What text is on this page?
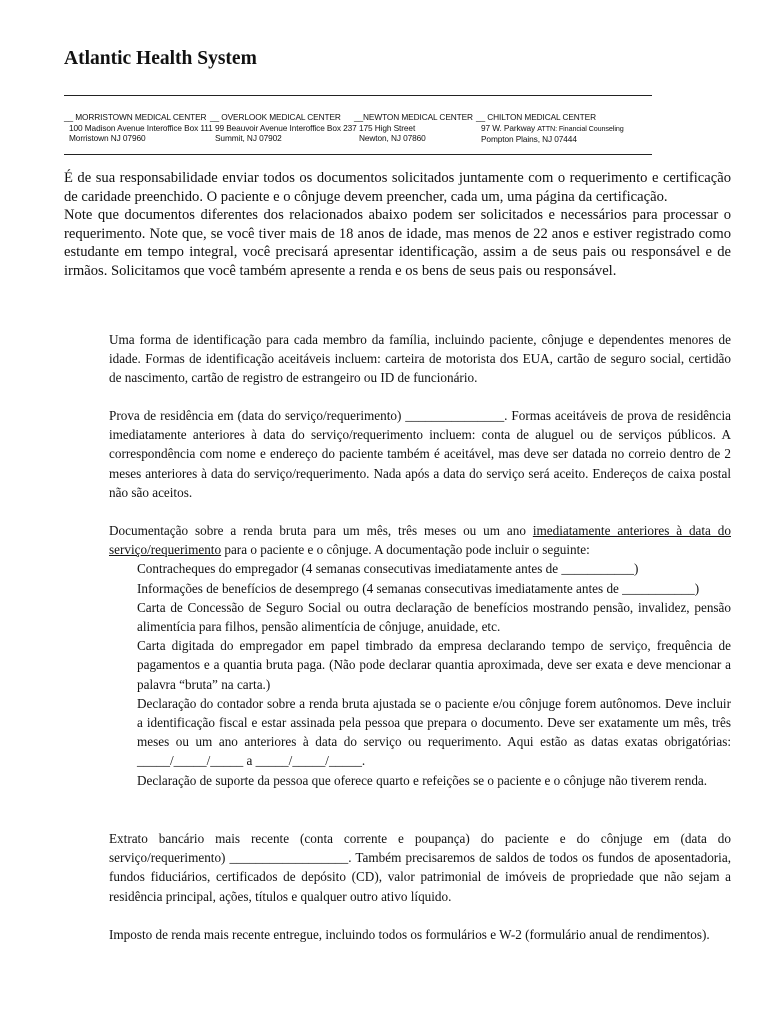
Atlantic Health System
__ MORRISTOWN MEDICAL CENTER
100 Madison Avenue Interoffice Box 111
Morristown NJ 07960
__ OVERLOOK MEDICAL CENTER
99 Beauvoir Avenue Interoffice Box 237
Summit, NJ 07902
__NEWTON MEDICAL CENTER
175 High Street
Newton, NJ 07860
__ CHILTON MEDICAL CENTER
97 W. Parkway ATTN: Financial Counseling
Pompton Plains, NJ 07444

É de sua responsabilidade enviar todos os documentos solicitados juntamente com o requerimento e certificação de caridade preenchido. O paciente e o cônjuge devem preencher, cada um, uma página da certificação.

Note que documentos diferentes dos relacionados abaixo podem ser solicitados e necessários para processar o requerimento. Note que, se você tiver mais de 18 anos de idade, mas menos de 22 anos e estiver registrado como estudante em tempo integral, você precisará apresentar identificação, assim a de seus pais ou responsável e de irmãos. Solicitamos que você também apresente a renda e os bens de seus pais ou responsável.

Uma forma de identificação para cada membro da família, incluindo paciente, cônjuge e dependentes menores de idade. Formas de identificação aceitáveis incluem: carteira de motorista dos EUA, cartão de seguro social, certidão de nascimento, cartão de registro de estrangeiro ou ID de funcionário.
Prova de residência em (data do serviço/requerimento) _______________. Formas aceitáveis de prova de residência imediatamente anteriores à data do serviço/requerimento incluem: conta de aluguel ou de serviços públicos. A correspondência com nome e endereço do paciente também é aceitável, mas deve ser datada no correio dentro de 2 meses anteriores à data do serviço/requerimento. Nada após a data do serviço será aceito. Endereços de caixa postal não são aceitos.
Documentação sobre a renda bruta para um mês, três meses ou um ano imediatamente anteriores à data do serviço/requerimento para o paciente e o cônjuge. A documentação pode incluir o seguinte:
Contracheques do empregador (4 semanas consecutivas imediatamente antes de ___________)
Informações de benefícios de desemprego (4 semanas consecutivas imediatamente antes de ___________)
Carta de Concessão de Seguro Social ou outra declaração de benefícios mostrando pensão, invalidez, pensão alimentícia para filhos, pensão alimentícia de cônjuge, anuidade, etc.
Carta digitada do empregador em papel timbrado da empresa declarando tempo de serviço, frequência de pagamentos e a quantia bruta paga. (Não pode declarar quantia aproximada, deve ser exata e deve mencionar a palavra “bruta” na carta.)
Declaração do contador sobre a renda bruta ajustada se o paciente e/ou cônjuge forem autônomos. Deve incluir a identificação fiscal e estar assinada pela pessoa que prepara o documento. Deve ser exatamente um mês, três meses ou um ano anteriores à data do serviço ou requerimento. Aqui estão as datas exatas obrigatórias: _____/_____/_____ a _____/_____/_____.
Declaração de suporte da pessoa que oferece quarto e refeições se o paciente e o cônjuge não tiverem renda.
Extrato bancário mais recente (conta corrente e poupança) do paciente e do cônjuge em (data do serviço/requerimento) __________________. Também precisaremos de saldos de todos os fundos de aposentadoria, fundos fiduciários, certificados de depósito (CD), valor patrimonial de imóveis de propriedade que não sejam a residência principal, ações, títulos e qualquer outro ativo líquido.
Imposto de renda mais recente entregue, incluindo todos os formulários e W-2 (formulário anual de rendimentos).
